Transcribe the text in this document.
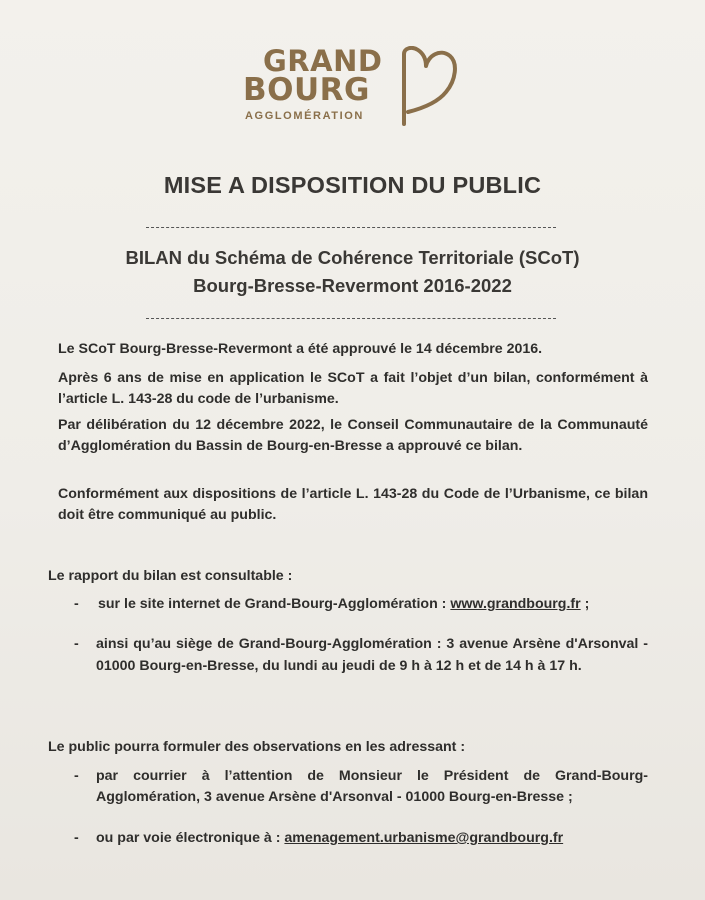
GRAND
BOURG
AGGLOMÉRATION
MISE A DISPOSITION DU PUBLIC
BILAN du Schéma de Cohérence Territoriale (SCoT)
Bourg-Bresse-Revermont 2016-2022
Le SCoT Bourg-Bresse-Revermont a été approuvé le 14 décembre 2016.
Après 6 ans de mise en application le SCoT a fait l’objet d’un bilan, conformément à l’article L. 143-28 du code de l’urbanisme.
Par délibération du 12 décembre 2022, le Conseil Communautaire de la Communauté d’Agglomération du Bassin de Bourg-en-Bresse a approuvé ce bilan.
Conformément aux dispositions de l’article L. 143-28 du Code de l’Urbanisme, ce bilan doit être communiqué au public.
Le rapport du bilan est consultable :
- sur le site internet de Grand-Bourg-Agglomération : www.grandbourg.fr ;
- ainsi qu’au siège de Grand-Bourg-Agglomération : 3 avenue Arsène d'Arsonval - 01000 Bourg-en-Bresse, du lundi au jeudi de 9 h à 12 h et de 14 h à 17 h.
Le public pourra formuler des observations en les adressant :
- par courrier à l’attention de Monsieur le Président de Grand-Bourg-Agglomération, 3 avenue Arsène d'Arsonval - 01000 Bourg-en-Bresse ;
- ou par voie électronique à : amenagement.urbanisme@grandbourg.fr
